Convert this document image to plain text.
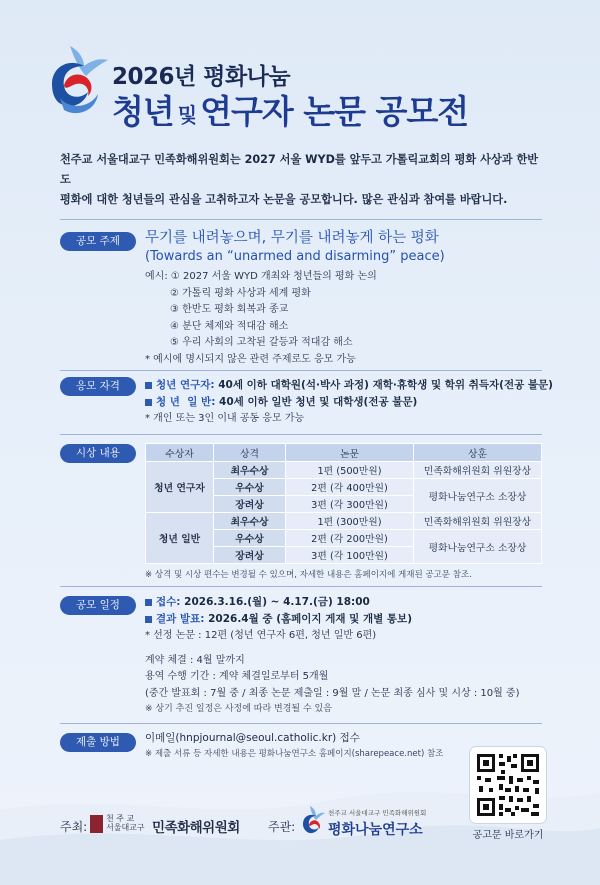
2026년 평화나눔
청년 및 연구자 논문 공모전
천주교 서울대교구 민족화해위원회는 2027 서울 WYD를 앞두고 가톨릭교회의 평화 사상과 한반도
평화에 대한 청년들의 관심을 고취하고자 논문을 공모합니다. 많은 관심과 참여를 바랍니다.
공모 주제	무기를 내려놓으며, 무기를 내려놓게 하는 평화
(Towards an “unarmed and disarming” peace)
예시: ① 2027 서울 WYD 개최와 청년들의 평화 논의
② 가톨릭 평화 사상과 세계 평화
③ 한반도 평화 회복과 종교
④ 분단 체제와 적대감 해소
⑤ 우리 사회의 고착된 갈등과 적대감 해소
* 예시에 명시되지 않은 관련 주제로도 응모 가능
응모 자격	청년 연구자: 40세 이하 대학원(석·박사 과정) 재학·휴학생 및 학위 취득자(전공 불문)
청 년  일 반: 40세 이하 일반 청년 및 대학생(전공 불문)
* 개인 또는 3인 이내 공동 응모 가능
시상 내용	수상자	상격	논문	상훈
청년 연구자	최우수상	1편 (500만원)	민족화해위원회 위원장상
	우수상	2편 (각 400만원)	평화나눔연구소 소장상
	장려상	3편 (각 300만원)	
청년 일반	최우수상	1편 (300만원)	민족화해위원회 위원장상
	우수상	2편 (각 200만원)	평화나눔연구소 소장상
	장려상	3편 (각 100만원)	
※ 상격 및 시상 편수는 변경될 수 있으며, 자세한 내용은 홈페이지에 게재된 공고문 참조.
공모 일정	접수: 2026.3.16.(월) ~ 4.17.(금) 18:00
결과 발표: 2026.4월 중 (홈페이지 게재 및 개별 통보)
* 선정 논문 : 12편 (청년 연구자 6편, 청년 일반 6편)
계약 체결 : 4월 말까지
용역 수행 기간 : 계약 체결일로부터 5개월
(중간 발표회 : 7월 중 / 최종 논문 제출일 : 9월 말 / 논문 최종 심사 및 시상 : 10월 중)
※ 상기 추진 일정은 사정에 따라 변경될 수 있음
제출 방법	이메일(hnpjournal@seoul.catholic.kr) 접수
※ 제출 서류 등 자세한 내용은 평화나눔연구소 홈페이지(sharepeace.net) 참조
공고문 바로가기
주최:
천 주 교
서울대교구 민족화해위원회 주관:
천주교 서울대교구 민족화해위원회
평화나눔연구소
